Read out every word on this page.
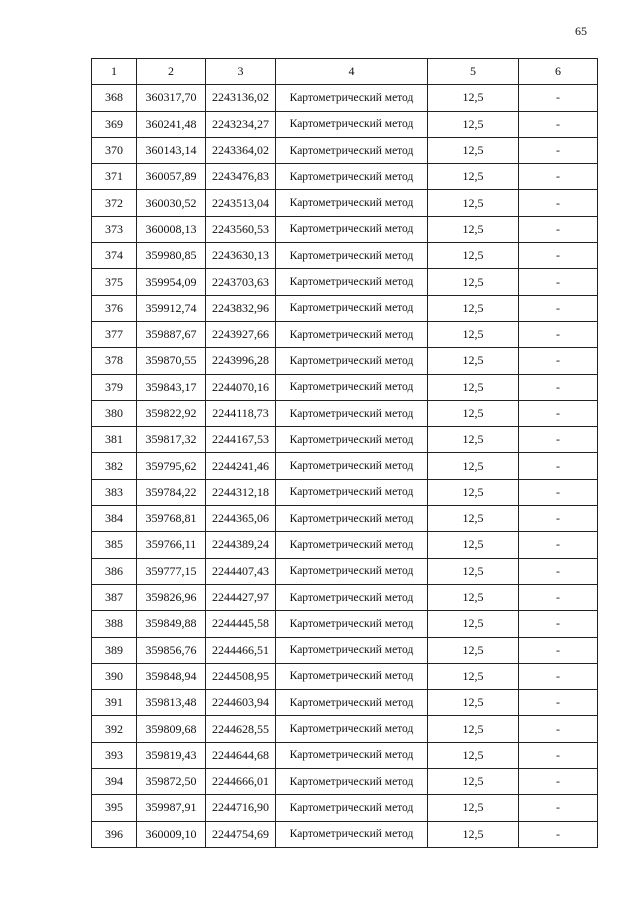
65
1	2	3	4	5	6
368	360317,70	2243136,02	Картометрический метод	12,5	-
369	360241,48	2243234,27	Картометрический метод	12,5	-
370	360143,14	2243364,02	Картометрический метод	12,5	-
371	360057,89	2243476,83	Картометрический метод	12,5	-
372	360030,52	2243513,04	Картометрический метод	12,5	-
373	360008,13	2243560,53	Картометрический метод	12,5	-
374	359980,85	2243630,13	Картометрический метод	12,5	-
375	359954,09	2243703,63	Картометрический метод	12,5	-
376	359912,74	2243832,96	Картометрический метод	12,5	-
377	359887,67	2243927,66	Картометрический метод	12,5	-
378	359870,55	2243996,28	Картометрический метод	12,5	-
379	359843,17	2244070,16	Картометрический метод	12,5	-
380	359822,92	2244118,73	Картометрический метод	12,5	-
381	359817,32	2244167,53	Картометрический метод	12,5	-
382	359795,62	2244241,46	Картометрический метод	12,5	-
383	359784,22	2244312,18	Картометрический метод	12,5	-
384	359768,81	2244365,06	Картометрический метод	12,5	-
385	359766,11	2244389,24	Картометрический метод	12,5	-
386	359777,15	2244407,43	Картометрический метод	12,5	-
387	359826,96	2244427,97	Картометрический метод	12,5	-
388	359849,88	2244445,58	Картометрический метод	12,5	-
389	359856,76	2244466,51	Картометрический метод	12,5	-
390	359848,94	2244508,95	Картометрический метод	12,5	-
391	359813,48	2244603,94	Картометрический метод	12,5	-
392	359809,68	2244628,55	Картометрический метод	12,5	-
393	359819,43	2244644,68	Картометрический метод	12,5	-
394	359872,50	2244666,01	Картометрический метод	12,5	-
395	359987,91	2244716,90	Картометрический метод	12,5	-
396	360009,10	2244754,69	Картометрический метод	12,5	-
